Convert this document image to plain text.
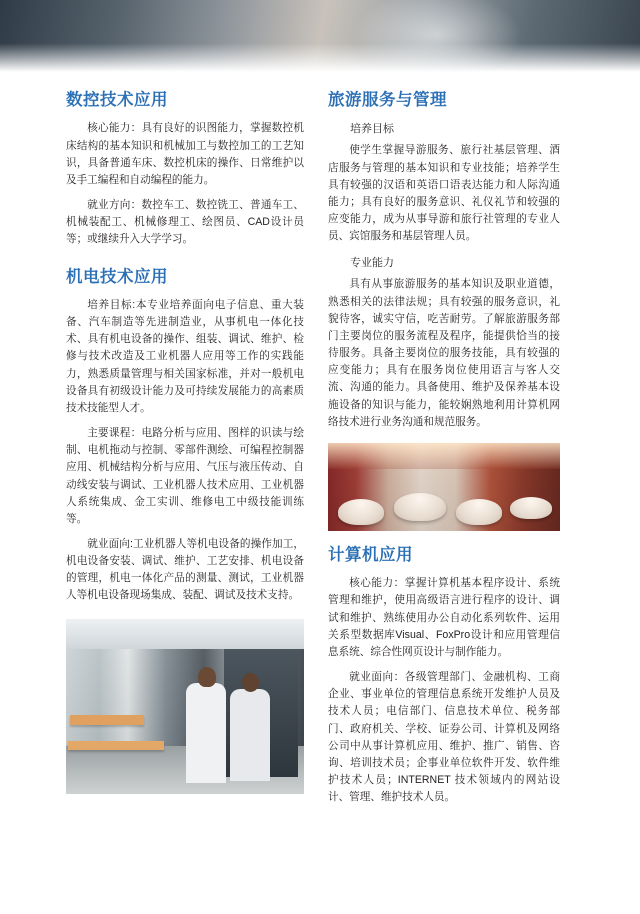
数控技术应用

核心能力：具有良好的识图能力，掌握数控机床结构的基本知识和机械加工与数控加工的工艺知识，具备普通车床、数控机床的操作、日常维护以及手工编程和自动编程的能力。

就业方向：数控车工、数控铣工、普通车工、机械装配工、机械修理工、绘图员、CAD设计员等；或继续升入大学学习。

机电技术应用

培养目标:本专业培养面向电子信息、重大装备、汽车制造等先进制造业，从事机电一体化技术、具有机电设备的操作、组装、调试、维护、检修与技术改造及工业机器人应用等工作的实践能力，熟悉质量管理与相关国家标准，并对一般机电设备具有初级设计能力及可持续发展能力的高素质技术技能型人才。

主要课程：电路分析与应用、图样的识读与绘制、电机拖动与控制、零部件测绘、可编程控制器应用、机械结构分析与应用、气压与液压传动、自动线安装与调试、工业机器人技术应用、工业机器人系统集成、金工实训、维修电工中级技能训练等。

就业面向:工业机器人等机电设备的操作加工，机电设备安装、调试、维护、工艺安排、机电设备的管理，机电一体化产品的测量、测试，工业机器人等机电设备现场集成、装配、调试及技术支持。

旅游服务与管理
培养目标

使学生掌握导游服务、旅行社基层管理、酒店服务与管理的基本知识和专业技能；培养学生具有较强的汉语和英语口语表达能力和人际沟通能力；具有良好的服务意识、礼仪礼节和较强的应变能力，成为从事导游和旅行社管理的专业人员、宾馆服务和基层管理人员。

专业能力

具有从事旅游服务的基本知识及职业道德，熟悉相关的法律法规；具有较强的服务意识，礼貌待客，诚实守信，吃苦耐劳。了解旅游服务部门主要岗位的服务流程及程序，能提供恰当的接待服务。具备主要岗位的服务技能，具有较强的应变能力；具有在服务岗位使用语言与客人交流、沟通的能力。具备使用、维护及保养基本设施设备的知识与能力，能较娴熟地利用计算机网络技术进行业务沟通和规范服务。

计算机应用

核心能力：掌握计算机基本程序设计、系统管理和维护，使用高级语言进行程序的设计、调试和维护、熟练使用办公自动化系列软件、运用关系型数据库Visual、FoxPro设计和应用管理信息系统、综合性网页设计与制作能力。

就业面向：各级管理部门、金融机构、工商企业、事业单位的管理信息系统开发维护人员及技术人员；电信部门、信息技术单位、税务部门、政府机关、学校、证券公司、计算机及网络公司中从事计算机应用、维护、推广、销售、咨询、培训技术员；企事业单位软件开发、软件维护技术人员；INTERNET 技术领域内的网站设计、管理、维护技术人员。
